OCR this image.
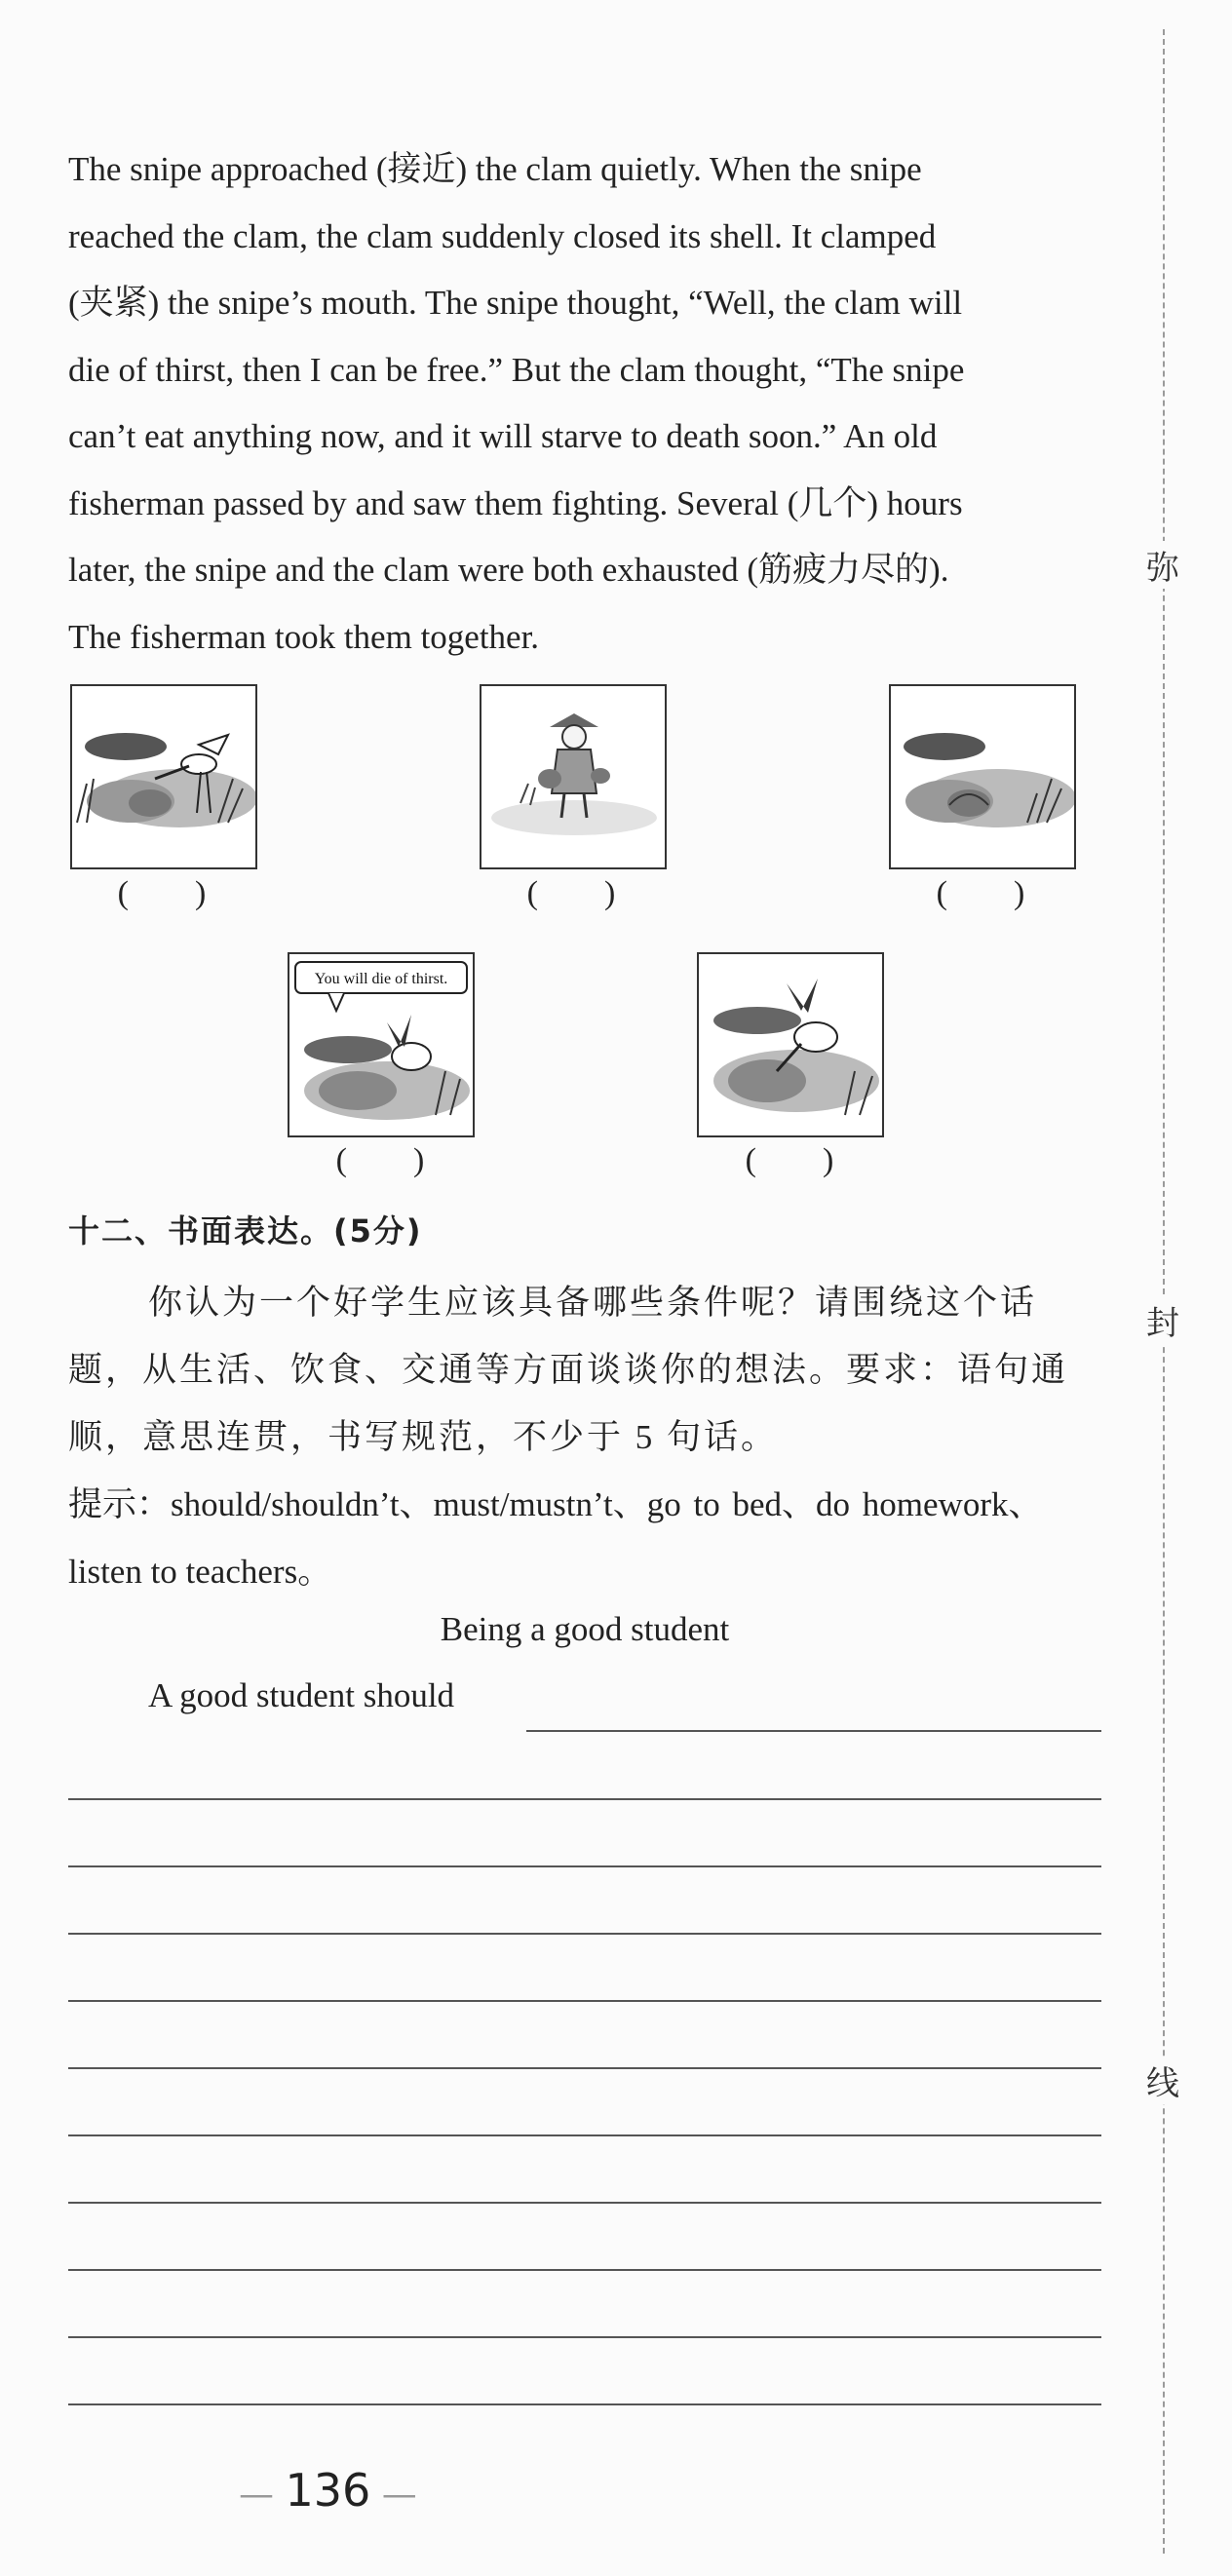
弥
封
线

The snipe approached (接近) the clam quietly. When the snipe

reached the clam, the clam suddenly closed its shell. It clamped

(夹紧) the snipe’s mouth. The snipe thought, “Well, the clam will

die of thirst, then I can be free.” But the clam thought, “The snipe

can’t eat anything now, and it will starve to death soon.” An old

fisherman passed by and saw them fighting. Several (几个) hours

later, the snipe and the clam were both exhausted (筋疲力尽的).

The fisherman took them together.

(　　)	(　　)	(　　)
You will die of thirst.
(　　)	(　　)
十二、书面表达。(5分)
你认为一个好学生应该具备哪些条件呢？请围绕这个话
题，从生活、饮食、交通等方面谈谈你的想法。要求：语句通
顺，意思连贯，书写规范，不少于 5 句话。
提示：should/shouldn’t、must/mustn’t、go to bed、do homework、
listen to teachers。
Being a good student
A good student should
— 136 —
